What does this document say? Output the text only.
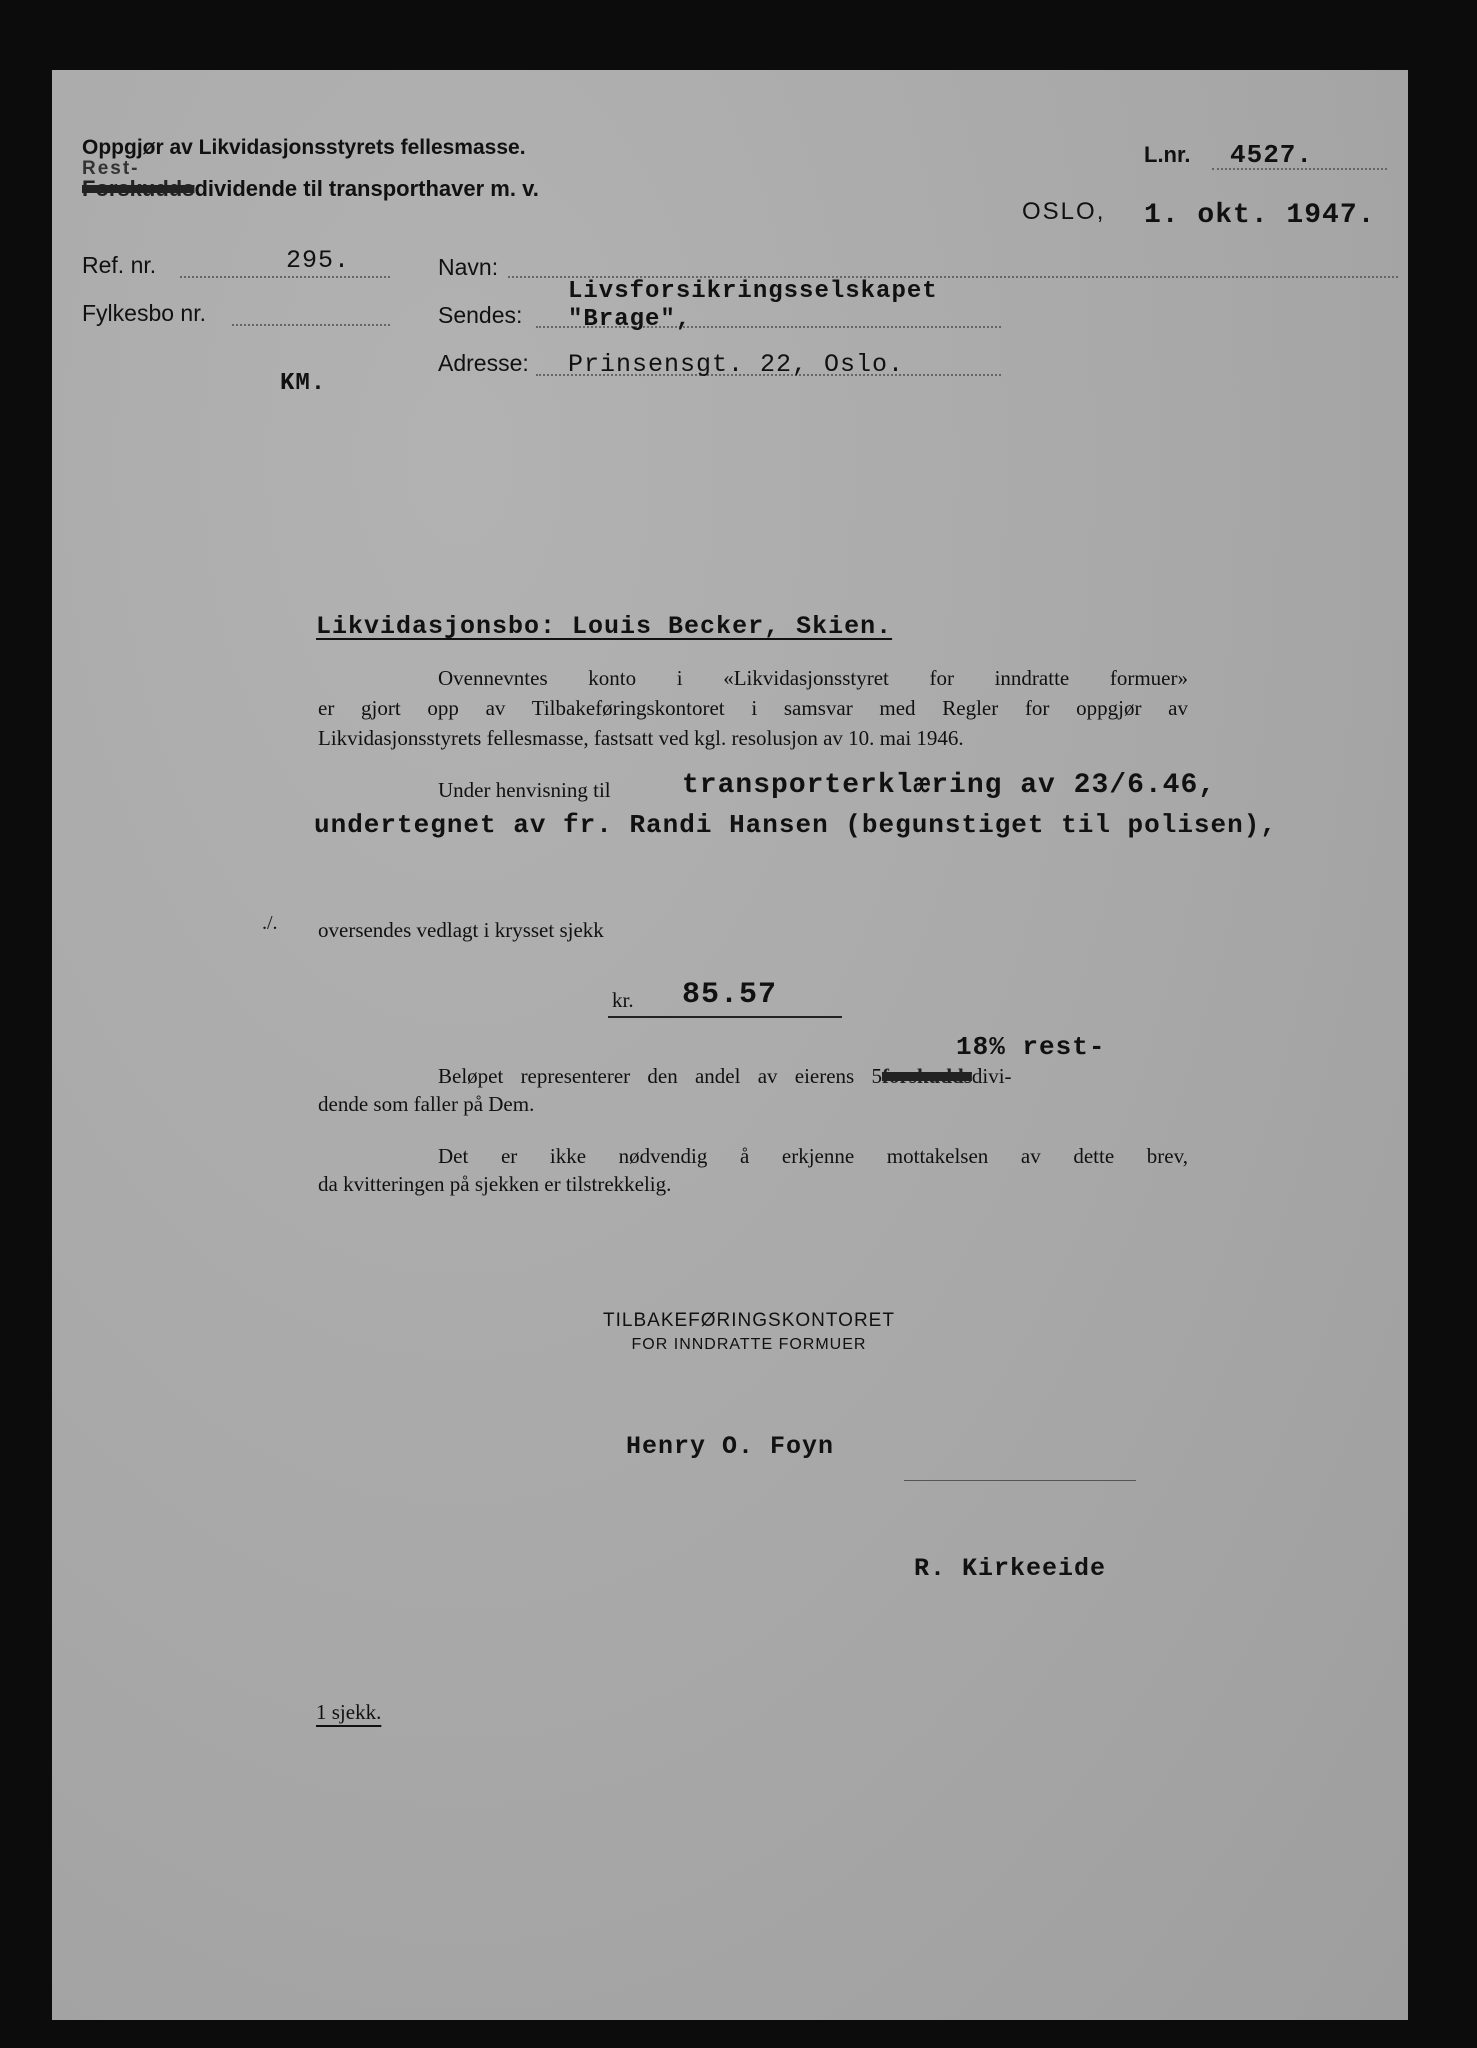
Oppgjør av Likvidasjonsstyrets fellesmasse.
Rest-
Forskuddsdividende til transporthaver m. v.
L.nr. 4527.
OSLO, 1. okt. 1947.
Ref. nr.	295.
Fylkesbo nr.
KM.
Navn:
Sendes:
Adresse:
Livsforsikringsselskapet
"Brage",
Prinsensgt. 22, Oslo.
Likvidasjonsbo: Louis Becker, Skien.
Ovennevntes konto i «Likvidasjonsstyret for inndratte formuer»
er gjort opp av Tilbakeføringskontoret i samsvar med Regler for oppgjør av
Likvidasjonsstyrets fellesmasse, fastsatt ved kgl. resolusjon av 10. mai 1946.
Under henvisning til	transporterklæring av 23/6.46,
undertegnet av fr. Randi Hansen (begunstiget til polisen),
./. oversendes vedlagt i krysset sjekk
kr. 85.57
18% rest-
Beløpet representerer den andel av eierens 5forskuddsdivi-
dende som faller på Dem.
Det er ikke nødvendig å erkjenne mottakelsen av dette brev,
da kvitteringen på sjekken er tilstrekkelig.
TILBAKEFØRINGSKONTORET
FOR INNDRATTE FORMUER
Henry O. Foyn
R. Kirkeeide
1 sjekk.
